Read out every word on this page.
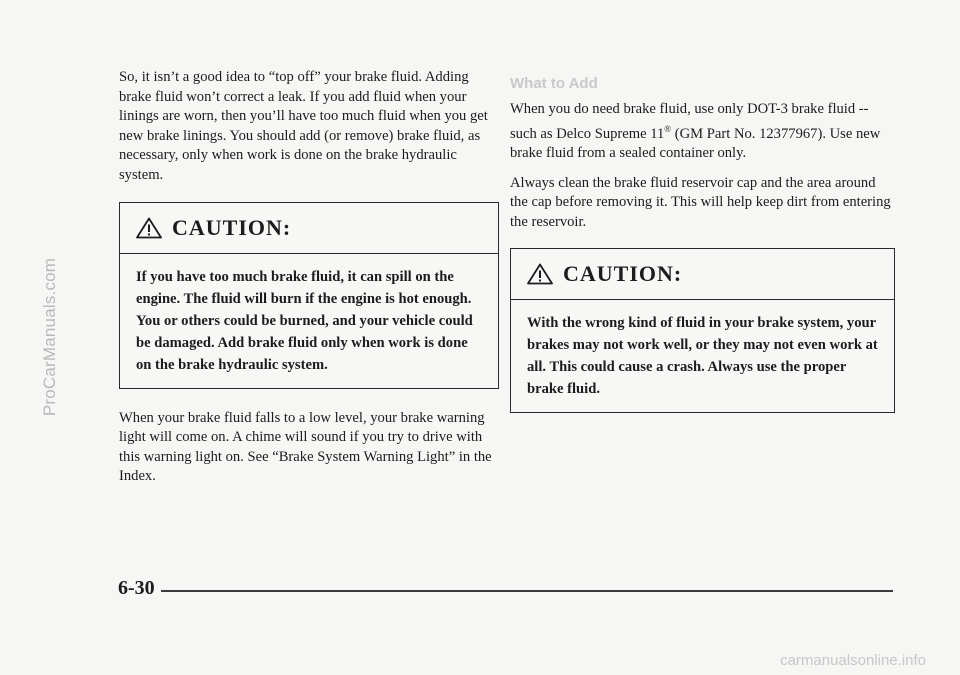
ProCarManuals.com

So, it isn’t a good idea to “top off” your brake fluid. Adding brake fluid won’t correct a leak. If you add fluid when your linings are worn, then you’ll have too much fluid when you get new brake linings. You should add (or remove) brake fluid, as necessary, only when work is done on the brake hydraulic system.

CAUTION:
If you have too much brake fluid, it can spill on the engine. The fluid will burn if the engine is hot enough. You or others could be burned, and your vehicle could be damaged. Add brake fluid only when work is done on the brake hydraulic system.

When your brake fluid falls to a low level, your brake warning light will come on. A chime will sound if you try to drive with this warning light on. See “Brake System Warning Light” in the Index.

What to Add

When you do need brake fluid, use only DOT-3 brake fluid -- such as Delco Supreme 11® (GM Part No. 12377967). Use new brake fluid from a sealed container only.

Always clean the brake fluid reservoir cap and the area around the cap before removing it. This will help keep dirt from entering the reservoir.

CAUTION:
With the wrong kind of fluid in your brake system, your brakes may not work well, or they may not even work at all. This could cause a crash. Always use the proper brake fluid.
6-30
carmanualsonline.info
